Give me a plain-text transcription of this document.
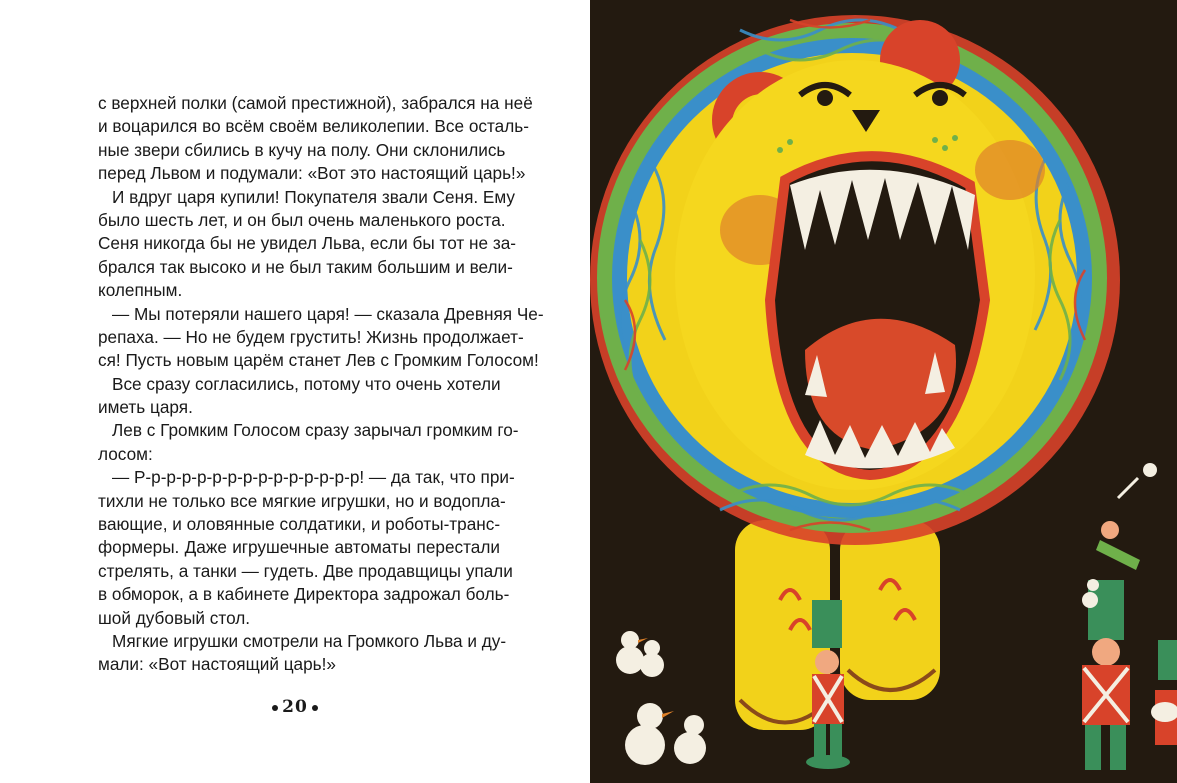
с верхней полки (самой престижной), забрался на неё
и воцарился во всём своём великолепии. Все осталь-
ные звери сбились в кучу на полу. Они склонились
перед Львом и подумали: «Вот это настоящий царь!»
И вдруг царя купили! Покупателя звали Сеня. Ему
было шесть лет, и он был очень маленького роста.
Сеня никогда бы не увидел Льва, если бы тот не за-
брался так высоко и не был таким большим и вели-
колепным.
— Мы потеряли нашего царя! — сказала Древняя Че-
репаха. — Но не будем грустить! Жизнь продолжает-
ся! Пусть новым царём станет Лев с Громким Голосом!
Все сразу согласились, потому что очень хотели
иметь царя.
Лев с Громким Голосом сразу зарычал громким го-
лосом:
— Р-р-р-р-р-р-р-р-р-р-р-р-р-р-р! — да так, что при-
тихли не только все мягкие игрушки, но и водопла-
вающие, и оловянные солдатики, и роботы-транс-
формеры. Даже игрушечные автоматы перестали
стрелять, а танки — гудеть. Две продавщицы упали
в обморок, а в кабинете Директора задрожал боль-
шой дубовый стол.
Мягкие игрушки смотрели на Громкого Льва и ду-
мали: «Вот настоящий царь!»
20
